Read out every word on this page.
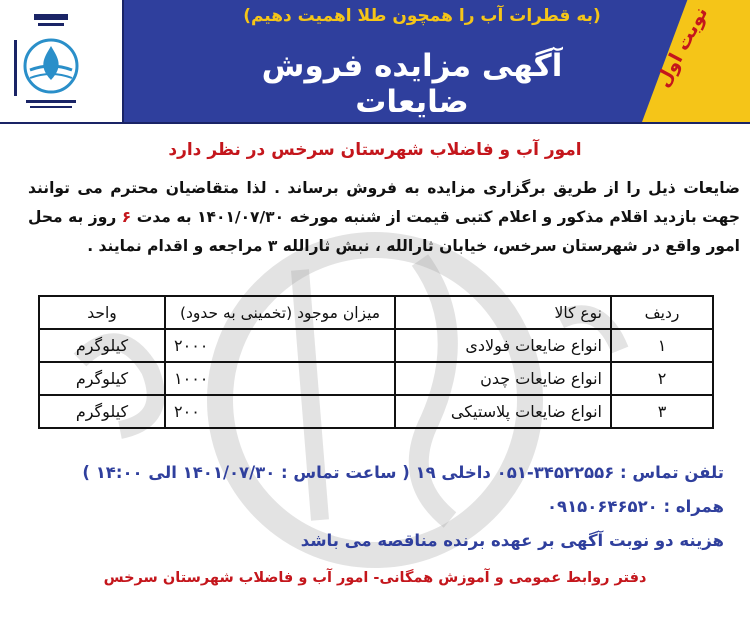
(به قطرات آب را همچون طلا اهمیت دهیم)
آگهی مزایده فروش ضایعات
نوبت اول
امور آب و فاضلاب شهرستان سرخس در نظر دارد
ضایعات ذیل را از طریق برگزاری مزایده به فروش برساند . لذا متقاضیان محترم می توانند جهت بازدید اقلام مذکور و اعلام کتبی قیمت از شنبه مورخه ۱۴۰۱/۰۷/۳۰ به مدت ۶ روز به محل امور واقع در شهرستان سرخس، خیابان ثارالله ، نبش ثارالله ۳ مراجعه و اقدام نمایند .
ردیف	نوع کالا	میزان موجود (تخمینی به حدود)	واحد
۱	انواع ضایعات فولادی	۲۰۰۰	کیلوگرم
۲	انواع ضایعات چدن	۱۰۰۰	کیلوگرم
۳	انواع ضایعات پلاستیکی	۲۰۰	کیلوگرم
تلفن تماس : ۳۴۵۲۲۵۵۶-۰۵۱ داخلی ۱۹ ( ساعت تماس : ۱۴۰۱/۰۷/۳۰ الی ۱۴:۰۰ )
همراه : ۰۹۱۵۰۶۴۶۵۲۰
هزینه دو نوبت آگهی بر عهده برنده مناقصه می باشد
دفتر روابط عمومی و آموزش همگانی- امور آب و فاضلاب شهرستان سرخس
